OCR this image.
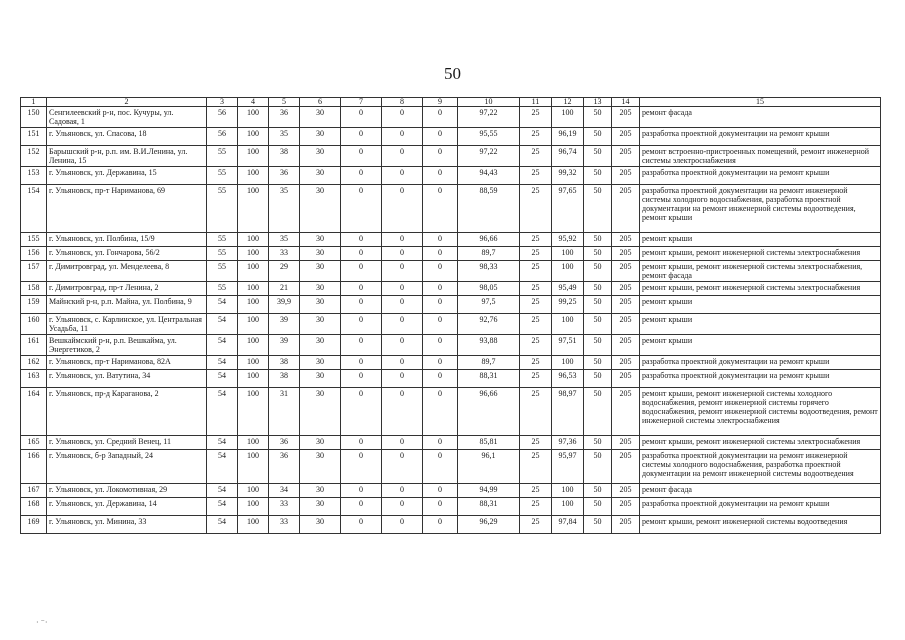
50
1	2	3	4	5	6	7	8	9	10	11	12	13	14	15
150	Сенгилеевский р-н, пос. Кучуры, ул. Садовая, 1	56	100	36	30	0	0	0	97,22	25	100	50	205	ремонт фасада
151	г. Ульяновск, ул. Спасова, 18	56	100	35	30	0	0	0	95,55	25	96,19	50	205	разработка проектной документации на ремонт крыши
152	Барышский р-н, р.п. им. В.И.Ленина, ул. Ленина, 15	55	100	38	30	0	0	0	97,22	25	96,74	50	205	ремонт встроенно-пристроенных помещений, ремонт инженерной системы электроснабжения
153	г. Ульяновск, ул. Державина, 15	55	100	36	30	0	0	0	94,43	25	99,32	50	205	разработка проектной документации на ремонт крыши
154	г. Ульяновск, пр-т Нариманова, 69	55	100	35	30	0	0	0	88,59	25	97,65	50	205	разработка проектной документации на ремонт инженерной системы холодного водоснабжения, разработка проектной документации на ремонт инженерной системы водоотведения, ремонт крыши
155	г. Ульяновск, ул. Полбина, 15/9	55	100	35	30	0	0	0	96,66	25	95,92	50	205	ремонт крыши
156	г. Ульяновск, ул. Гончарова, 56/2	55	100	33	30	0	0	0	89,7	25	100	50	205	ремонт крыши, ремонт инженерной системы электроснабжения
157	г. Димитровград, ул. Менделеева, 8	55	100	29	30	0	0	0	98,33	25	100	50	205	ремонт крыши, ремонт инженерной системы электроснабжения, ремонт фасада
158	г. Димитровград, пр-т Ленина, 2	55	100	21	30	0	0	0	98,05	25	95,49	50	205	ремонт крыши, ремонт инженерной системы электроснабжения
159	Майнский р-н, р.п. Майна, ул. Полбина, 9	54	100	39,9	30	0	0	0	97,5	25	99,25	50	205	ремонт крыши
160	г. Ульяновск, с. Карлинское, ул. Центральная Усадьба, 11	54	100	39	30	0	0	0	92,76	25	100	50	205	ремонт крыши
161	Вешкаймский р-н, р.п. Вешкайма, ул. Энергетиков, 2	54	100	39	30	0	0	0	93,88	25	97,51	50	205	ремонт крыши
162	г. Ульяновск, пр-т Нариманова, 82А	54	100	38	30	0	0	0	89,7	25	100	50	205	разработка проектной документации на ремонт крыши
163	г. Ульяновск, ул. Ватутина, 34	54	100	38	30	0	0	0	88,31	25	96,53	50	205	разработка проектной документации на ремонт крыши
164	г. Ульяновск, пр-д Караганова, 2	54	100	31	30	0	0	0	96,66	25	98,97	50	205	ремонт крыши, ремонт инженерной системы холодного водоснабжения, ремонт инженерной системы горячего водоснабжения, ремонт инженерной системы водоотведения, ремонт инженерной системы электроснабжения
165	г. Ульяновск, ул. Средний Венец, 11	54	100	36	30	0	0	0	85,81	25	97,36	50	205	ремонт крыши, ремонт инженерной системы электроснабжения
166	г. Ульяновск, б-р Западный, 24	54	100	36	30	0	0	0	96,1	25	95,97	50	205	разработка проектной документации на ремонт инженерной системы холодного водоснабжения, разработка проектной документации на ремонт инженерной системы водоотведения
167	г. Ульяновск, ул. Локомотивная, 29	54	100	34	30	0	0	0	94,99	25	100	50	205	ремонт фасада
168	г. Ульяновск, ул. Державина, 14	54	100	33	30	0	0	0	88,31	25	100	50	205	разработка проектной документации на ремонт крыши
169	г. Ульяновск, ул. Минина, 33	54	100	33	30	0	0	0	96,29	25	97,84	50	205	ремонт крыши, ремонт инженерной системы водоотведения
· ⁻·
